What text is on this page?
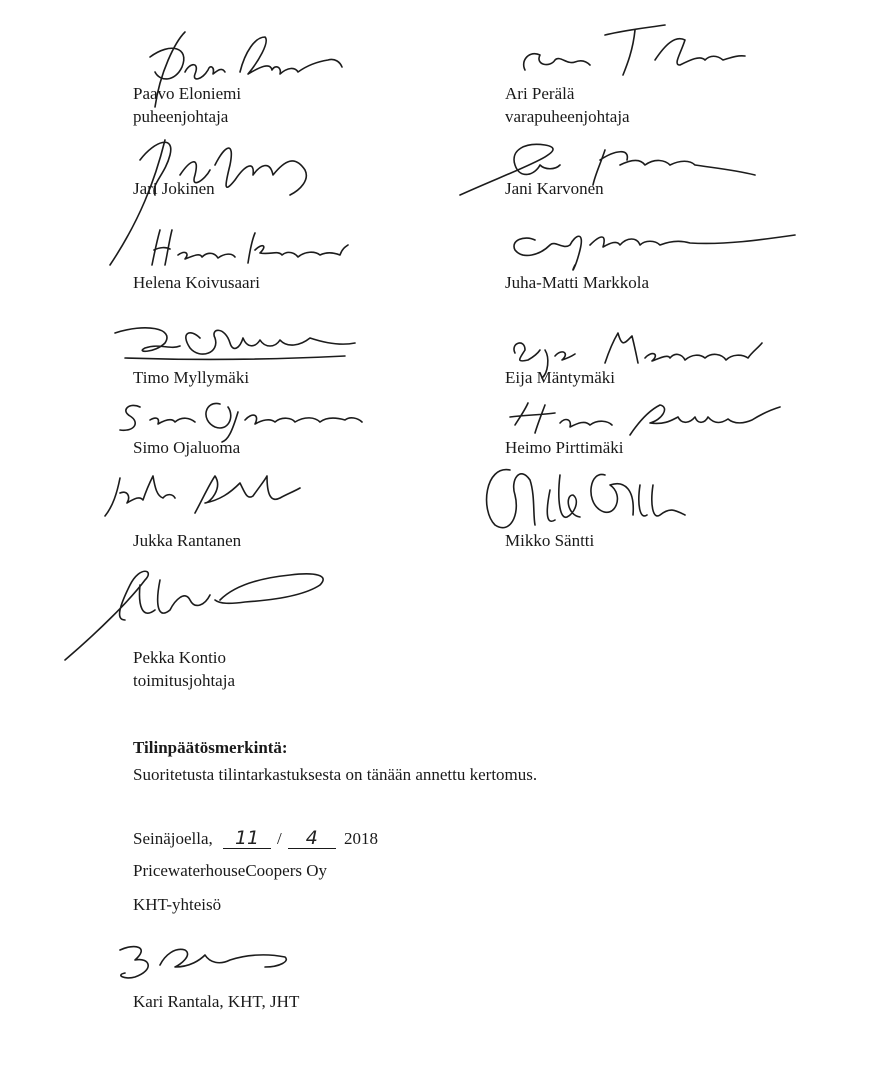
Paavo Eloniemi
puheenjohtaja
Ari Perälä
varapuheenjohtaja
Jari Jokinen	Jani Karvonen
Helena Koivusaari	Juha-Matti Markkola
Timo Myllymäki	Eija Mäntymäki
Simo Ojaluoma	Heimo Pirttimäki
Jukka Rantanen	Mikko Säntti
Pekka Kontio
toimitusjohtaja
Tilinpäätösmerkintä:
Suoritetusta tilintarkastuksesta on tänään annettu kertomus.
Seinäjoella, 11 / 4 2018
PricewaterhouseCoopers Oy
KHT-yhteisö
Kari Rantala, KHT, JHT
